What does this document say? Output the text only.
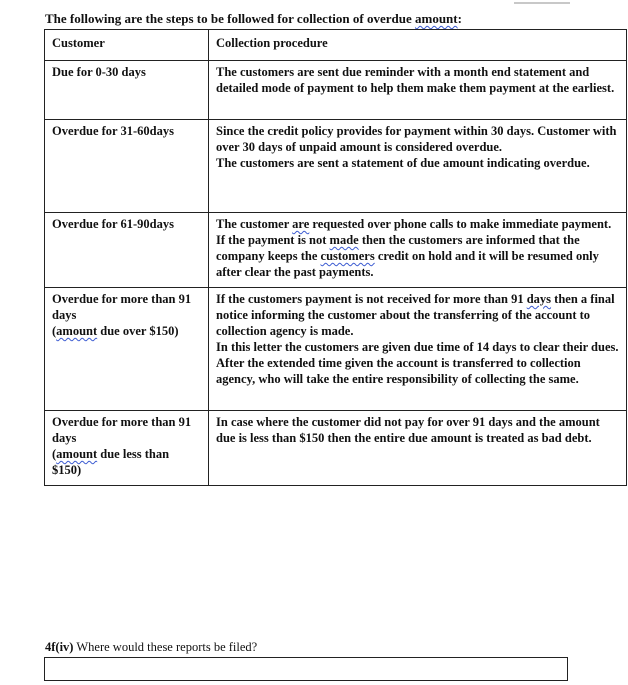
The following are the steps to be followed for collection of overdue amount:
Customer	Collection procedure
Due for 0-30 days	The customers are sent due reminder with a month end statement and detailed mode of payment to help them make them payment at the earliest.
Overdue for 31-60days	Since the credit policy provides for payment within 30 days. Customer with over 30 days of unpaid amount is considered overdue.
The customers are sent a statement of due amount indicating overdue.

Overdue for 61-90days	The customer are requested over phone calls to make immediate payment. If the payment is not made then the customers are informed that the company keeps the customers credit on hold and it will be resumed only after clear the past payments.

Overdue for more than 91 days
(amount due over $150)	If the customers payment is not received for more than 91 days then a final notice informing the customer about the transferring of the account to collection agency is made.
In this letter the customers are given due time of 14 days to clear their dues. After the extended time given the account is transferred to collection agency, who will take the entire responsibility of collecting the same.

Overdue for more than 91 days
(amount due less than $150)	In case where the customer did not pay for over 91 days and the amount due is less than $150 then the entire due amount is treated as bad debt.
4f(iv) Where would these reports be filed?
